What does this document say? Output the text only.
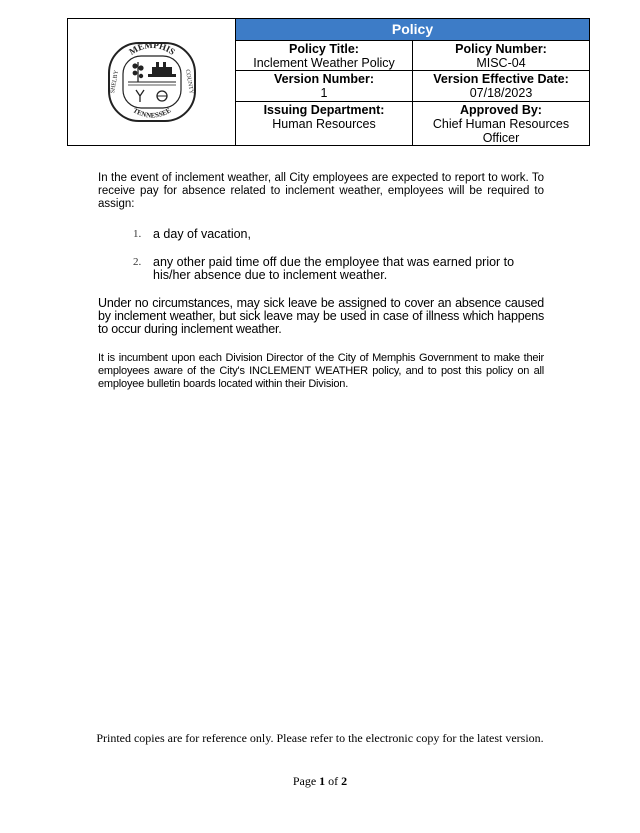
MEMPHIS
TENNESSEE
SHELBY	COUNTY
Policy
Policy Title:
Inclement Weather Policy
Policy Number:
MISC-04
Version Number:
1
Version Effective Date:
07/18/2023
Issuing Department:
Human Resources
Approved By:
Chief Human Resources Officer
In the event of inclement weather, all City employees are expected to report to work. To receive pay for absence related to inclement weather, employees will be required to assign:
1. a day of vacation,
2. any other paid time off due the employee that was earned prior to his/her absence due to inclement weather.
Under no circumstances, may sick leave be assigned to cover an absence caused by inclement weather, but sick leave may be used in case of illness which happens to occur during inclement weather.
It is incumbent upon each Division Director of the City of Memphis Government to make their employees aware of the City's INCLEMENT WEATHER policy, and to post this policy on all employee bulletin boards located within their Division.
Printed copies are for reference only. Please refer to the electronic copy for the latest version.
Page 1 of 2
